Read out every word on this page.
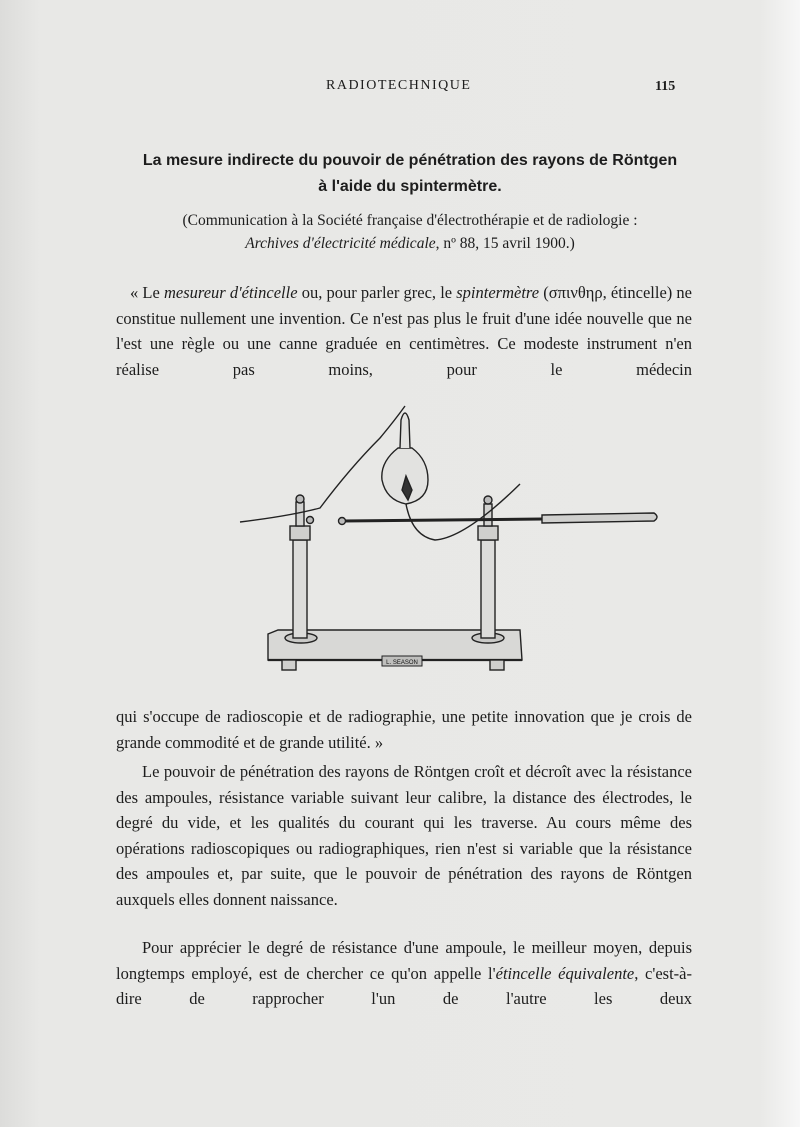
RADIOTECHNIQUE	115
La mesure indirecte du pouvoir de pénétration des rayons de Röntgen
à l'aide du spintermètre.
(Communication à la Société française d'électrothérapie et de radiologie :
Archives d'électricité médicale, nº 88, 15 avril 1900.)
« Le mesureur d'étincelle ou, pour parler grec, le spintermètre (σπινθηρ, étincelle) ne constitue nullement une invention. Ce n'est pas plus le fruit d'une idée nouvelle que ne l'est une règle ou une canne graduée en centimètres. Ce modeste instrument n'en réalise pas moins, pour le médecin
L. SEASON
qui s'occupe de radioscopie et de radiographie, une petite innovation que je crois de grande commodité et de grande utilité. »
Le pouvoir de pénétration des rayons de Röntgen croît et décroît avec la résistance des ampoules, résistance variable suivant leur calibre, la distance des électrodes, le degré du vide, et les qualités du courant qui les traverse. Au cours même des opérations radioscopiques ou radiographiques, rien n'est si variable que la résistance des ampoules et, par suite, que le pouvoir de pénétration des rayons de Röntgen auxquels elles donnent naissance.
Pour apprécier le degré de résistance d'une ampoule, le meilleur moyen, depuis longtemps employé, est de chercher ce qu'on appelle l'étincelle équivalente, c'est-à-dire de rapprocher l'un de l'autre les deux
